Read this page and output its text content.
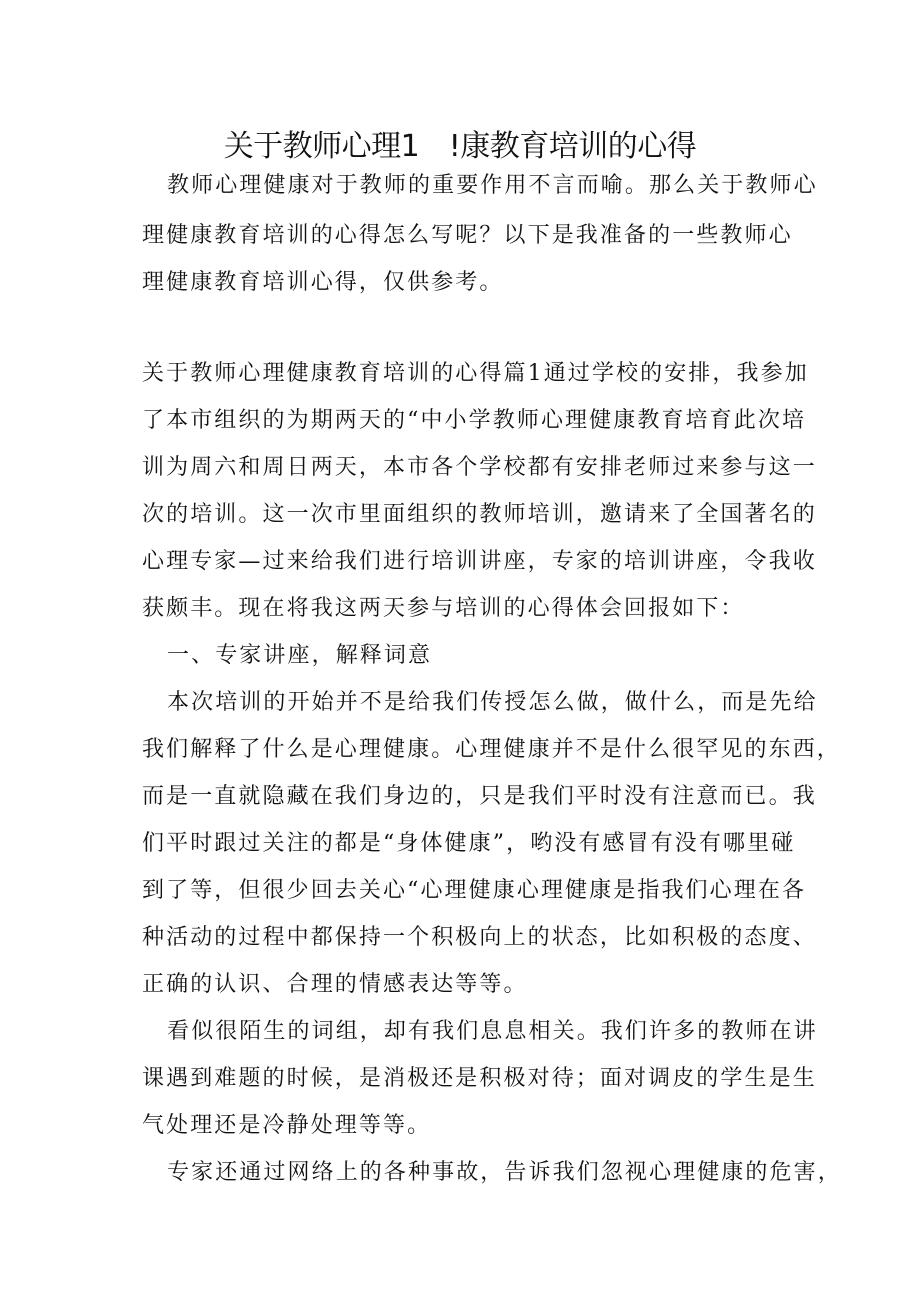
关于教师心理1　!康教育培训的心得
教师心理健康对于教师的重要作用不言而喻。那么关于教师心
理健康教育培训的心得怎么写呢？以下是我准备的一些教师心
理健康教育培训心得，仅供参考。
关于教师心理健康教育培训的心得篇1通过学校的安排，我参加
了本市组织的为期两天的“中小学教师心理健康教育培育此次培
训为周六和周日两天，本市各个学校都有安排老师过来参与这一
次的培训。这一次市里面组织的教师培训，邀请来了全国著名的
心理专家—过来给我们进行培训讲座，专家的培训讲座，令我收
获颇丰。现在将我这两天参与培训的心得体会回报如下：
一、专家讲座，解释词意
本次培训的开始并不是给我们传授怎么做，做什么，而是先给
我们解释了什么是心理健康。心理健康并不是什么很罕见的东西，
而是一直就隐藏在我们身边的，只是我们平时没有注意而已。我
们平时跟过关注的都是“身体健康”，哟没有感冒有没有哪里碰
到了等，但很少回去关心“心理健康心理健康是指我们心理在各
种活动的过程中都保持一个积极向上的状态，比如积极的态度、
正确的认识、合理的情感表达等等。
看似很陌生的词组，却有我们息息相关。我们许多的教师在讲
课遇到难题的时候，是消极还是积极对待；面对调皮的学生是生
气处理还是冷静处理等等。
专家还通过网络上的各种事故，告诉我们忽视心理健康的危害，
